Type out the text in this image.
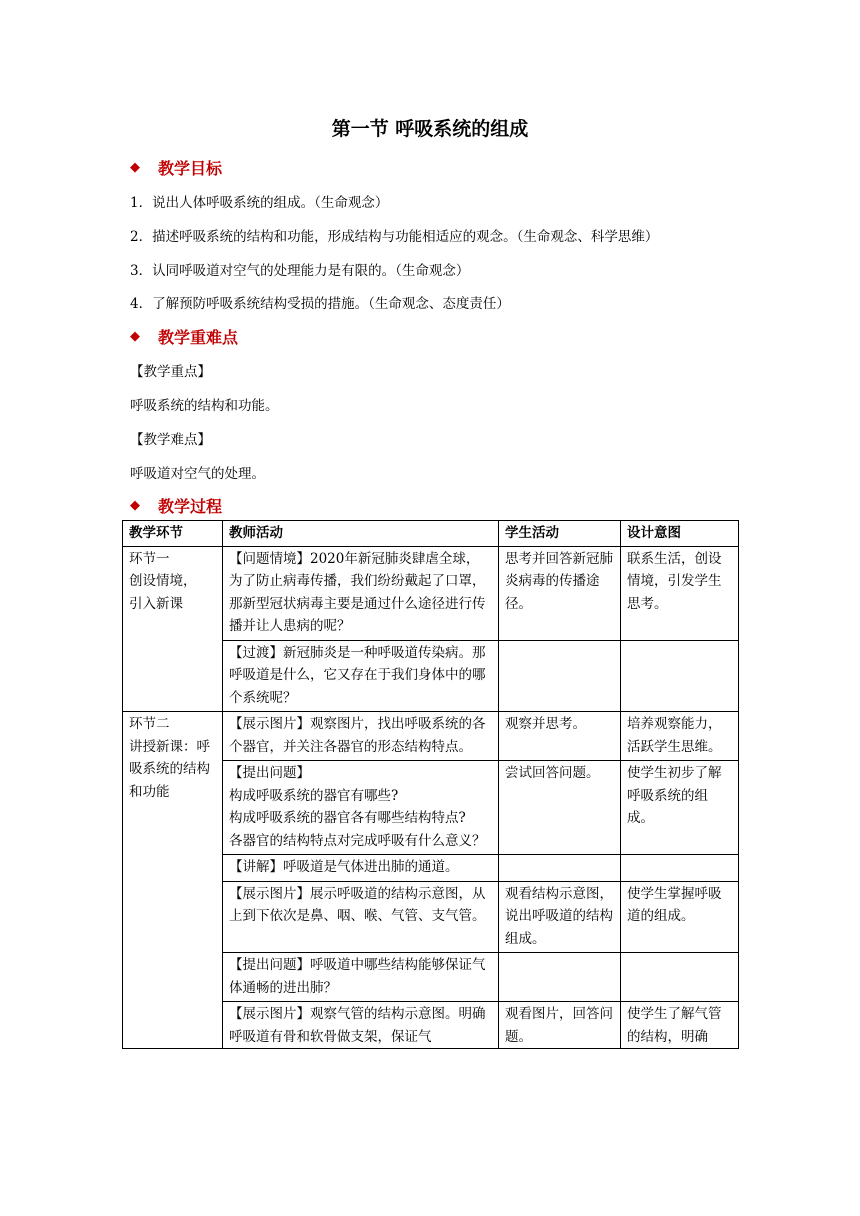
第一节 呼吸系统的组成
◆ 教学目标
1．说出人体呼吸系统的组成。（生命观念）
2．描述呼吸系统的结构和功能，形成结构与功能相适应的观念。（生命观念、科学思维）
3．认同呼吸道对空气的处理能力是有限的。（生命观念）
4．了解预防呼吸系统结构受损的措施。（生命观念、态度责任）
◆ 教学重难点
【教学重点】
呼吸系统的结构和功能。
【教学难点】
呼吸道对空气的处理。
◆ 教学过程
教学环节	教师活动	学生活动	设计意图
环节一
创设情境，
引入新课	【问题情境】2020年新冠肺炎肆虐全球，为了防止病毒传播，我们纷纷戴起了口罩，那新型冠状病毒主要是通过什么途径进行传播并让人患病的呢？	思考并回答新冠肺炎病毒的传播途径。	联系生活，创设情境，引发学生思考。
	【过渡】新冠肺炎是一种呼吸道传染病。那呼吸道是什么，它又存在于我们身体中的哪个系统呢？		
环节二
讲授新课：呼吸系统的结构和功能	【展示图片】观察图片，找出呼吸系统的各个器官，并关注各器官的形态结构特点。	观察并思考。	培养观察能力，活跃学生思维。
	【提出问题】
构成呼吸系统的器官有哪些?
构成呼吸系统的器官各有哪些结构特点?
各器官的结构特点对完成呼吸有什么意义？	尝试回答问题。	使学生初步了解呼吸系统的组成。
	【讲解】呼吸道是气体进出肺的通道。		
	【展示图片】展示呼吸道的结构示意图，从上到下依次是鼻、咽、喉、气管、支气管。	观看结构示意图，说出呼吸道的结构组成。	使学生掌握呼吸道的组成。
	【提出问题】呼吸道中哪些结构能够保证气体通畅的进出肺？		

	【展示图片】观察气管的结构示意图。明确呼吸道有骨和软骨做支架，保证气	观看图片，回答问题。	使学生了解气管的结构，明确
